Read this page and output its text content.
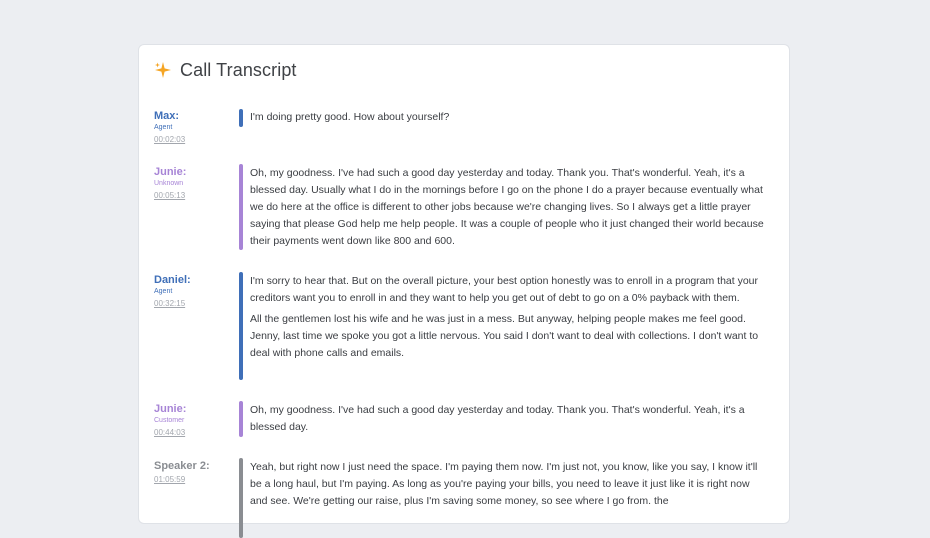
Call Transcript
Max:
Agent
00:02:03

I'm doing pretty good. How about yourself?

Junie:
Unknown
00:05:13

Oh, my goodness. I've had such a good day yesterday and today. Thank you. That's wonderful. Yeah, it's a blessed day. Usually what I do in the mornings before I go on the phone I do a prayer because eventually what we do here at the office is different to other jobs because we're changing lives. So I always get a little prayer saying that please God help me help people. It was a couple of people who it just changed their world because their payments went down like 800 and 600.

Daniel:
Agent
00:32:15

I'm sorry to hear that. But on the overall picture, your best option honestly was to enroll in a program that your creditors want you to enroll in and they want to help you get out of debt to go on a 0% payback with them.

All the gentlemen lost his wife and he was just in a mess. But anyway, helping people makes me feel good. Jenny, last time we spoke you got a little nervous. You said I don't want to deal with collections. I don't want to deal with phone calls and emails.

Junie:
Customer
00:44:03

Oh, my goodness. I've had such a good day yesterday and today. Thank you. That's wonderful. Yeah, it's a blessed day.

Speaker 2:
01:05:59

Yeah, but right now I just need the space. I'm paying them now. I'm just not, you know, like you say, I know it'll be a long haul, but I'm paying. As long as you're paying your bills, you need to leave it just like it is right now and see. We're getting our raise, plus I'm saving some money, so see where I go from. the
